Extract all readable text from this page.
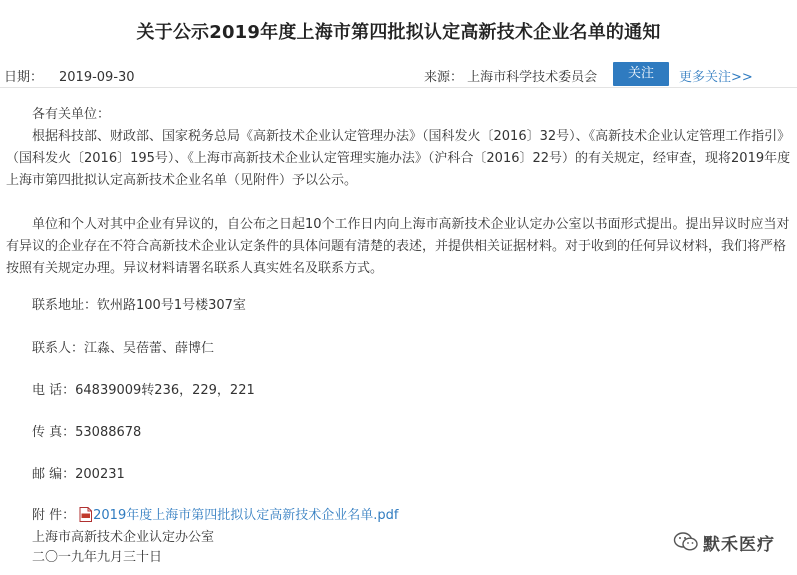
关于公示2019年度上海市第四批拟认定高新技术企业名单的通知
日期： 2019-09-30	来源： 上海市科学技术委员会	关注	更多关注>>
各有关单位：
根据科技部、财政部、国家税务总局《高新技术企业认定管理办法》（国科发火〔2016〕32号）、《高新技术企业认定管理工作指引》（国科发火〔2016〕195号）、《上海市高新技术企业认定管理实施办法》（沪科合〔2016〕22号）的有关规定，经审查，现将2019年度上海市第四批拟认定高新技术企业名单（见附件）予以公示。
单位和个人对其中企业有异议的，自公布之日起10个工作日内向上海市高新技术企业认定办公室以书面形式提出。提出异议时应当对有异议的企业存在不符合高新技术企业认定条件的具体问题有清楚的表述，并提供相关证据材料。对于收到的任何异议材料，我们将严格按照有关规定办理。异议材料请署名联系人真实姓名及联系方式。
联系地址：钦州路100号1号楼307室
联系人：江淼、吴蓓蕾、薛博仁
电 话：64839009转236，229，221
传 真：53088678
邮 编：200231
附 件： 2019年度上海市第四批拟认定高新技术企业名单.pdf
上海市高新技术企业认定办公室
二〇一九年九月三十日
默禾医疗
